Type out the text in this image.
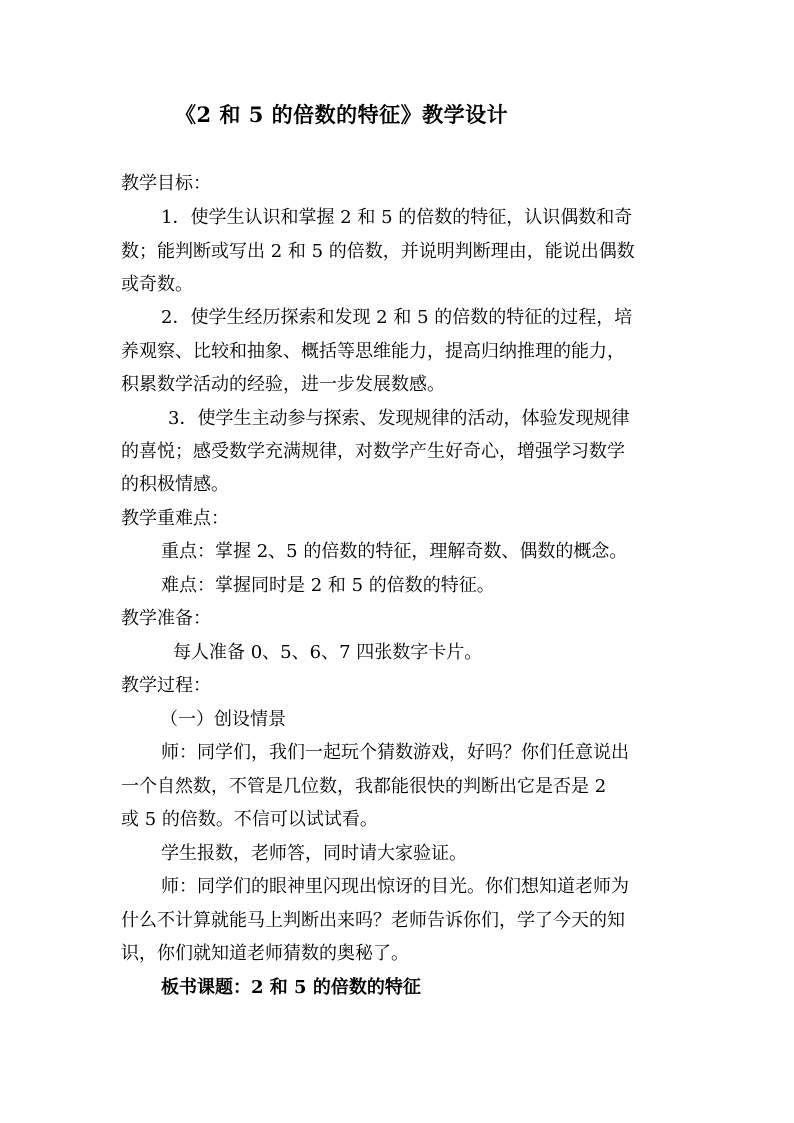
《2 和 5 的倍数的特征》教学设计
教学目标：
1．使学生认识和掌握 2 和 5 的倍数的特征，认识偶数和奇
数；能判断或写出 2 和 5 的倍数，并说明判断理由，能说出偶数
或奇数。
2．使学生经历探索和发现 2 和 5 的倍数的特征的过程，培
养观察、比较和抽象、概括等思维能力，提高归纳推理的能力，
积累数学活动的经验，进一步发展数感。
3．使学生主动参与探索、发现规律的活动，体验发现规律
的喜悦；感受数学充满规律，对数学产生好奇心，增强学习数学
的积极情感。
教学重难点：
重点：掌握 2、5 的倍数的特征，理解奇数、偶数的概念。
难点：掌握同时是 2 和 5 的倍数的特征。
教学准备：
每人准备 0、5、6、7 四张数字卡片。
教学过程：
（一）创设情景
师：同学们，我们一起玩个猜数游戏，好吗？你们任意说出
一个自然数，不管是几位数，我都能很快的判断出它是否是 2
或 5 的倍数。不信可以试试看。
学生报数，老师答，同时请大家验证。
师：同学们的眼神里闪现出惊讶的目光。你们想知道老师为
什么不计算就能马上判断出来吗？老师告诉你们，学了今天的知
识，你们就知道老师猜数的奥秘了。
板书课题：2 和 5 的倍数的特征
